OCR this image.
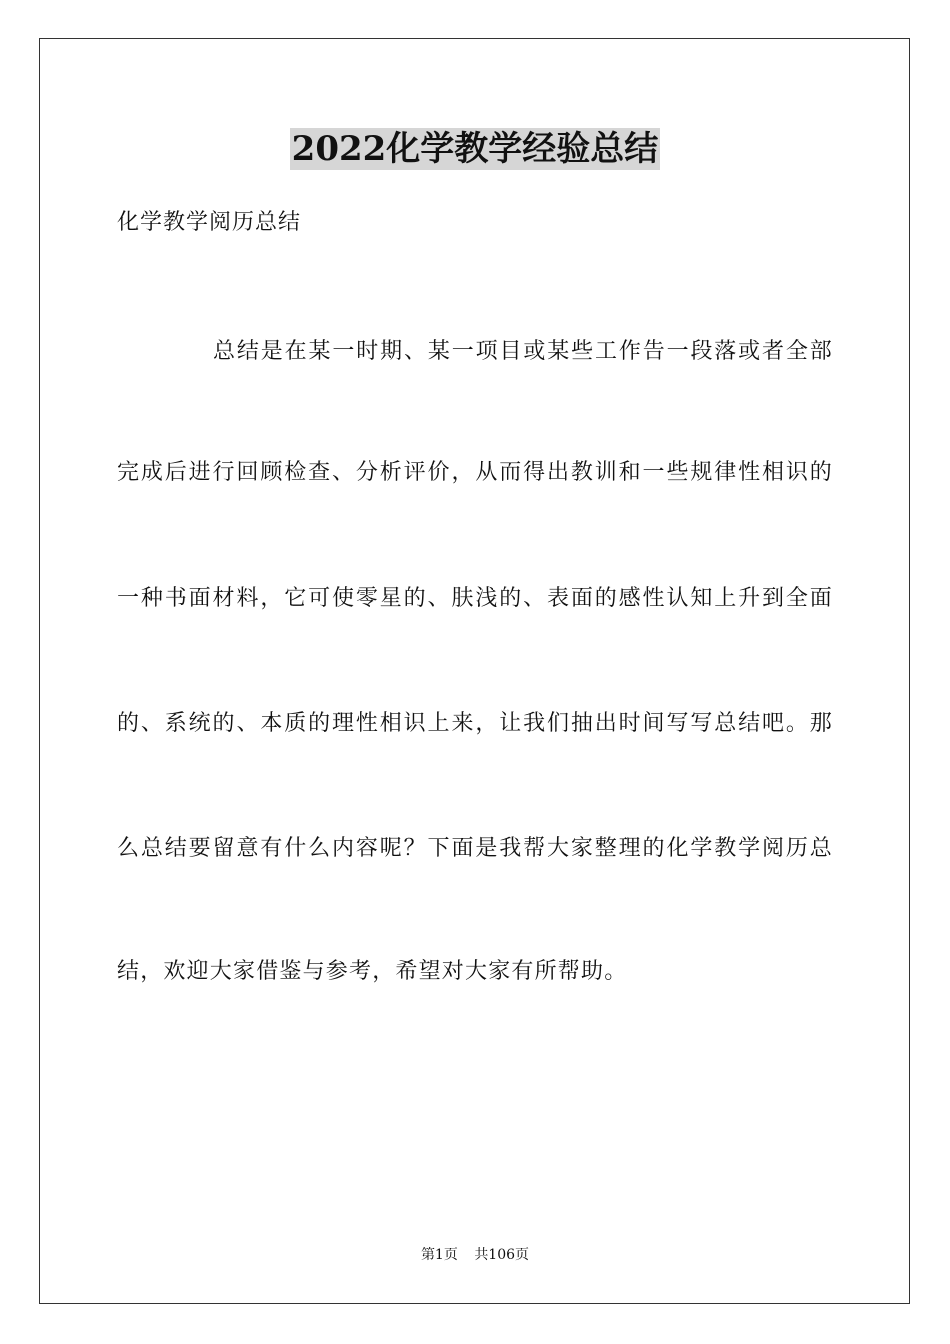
2022化学教学经验总结
化学教学阅历总结
总结是在某一时期、某一项目或某些工作告一段落或者全部
完成后进行回顾检查、分析评价，从而得出教训和一些规律性相识的
一种书面材料，它可使零星的、肤浅的、表面的感性认知上升到全面
的、系统的、本质的理性相识上来，让我们抽出时间写写总结吧。那
么总结要留意有什么内容呢？下面是我帮大家整理的化学教学阅历总
结，欢迎大家借鉴与参考，希望对大家有所帮助。
第1页 共106页
